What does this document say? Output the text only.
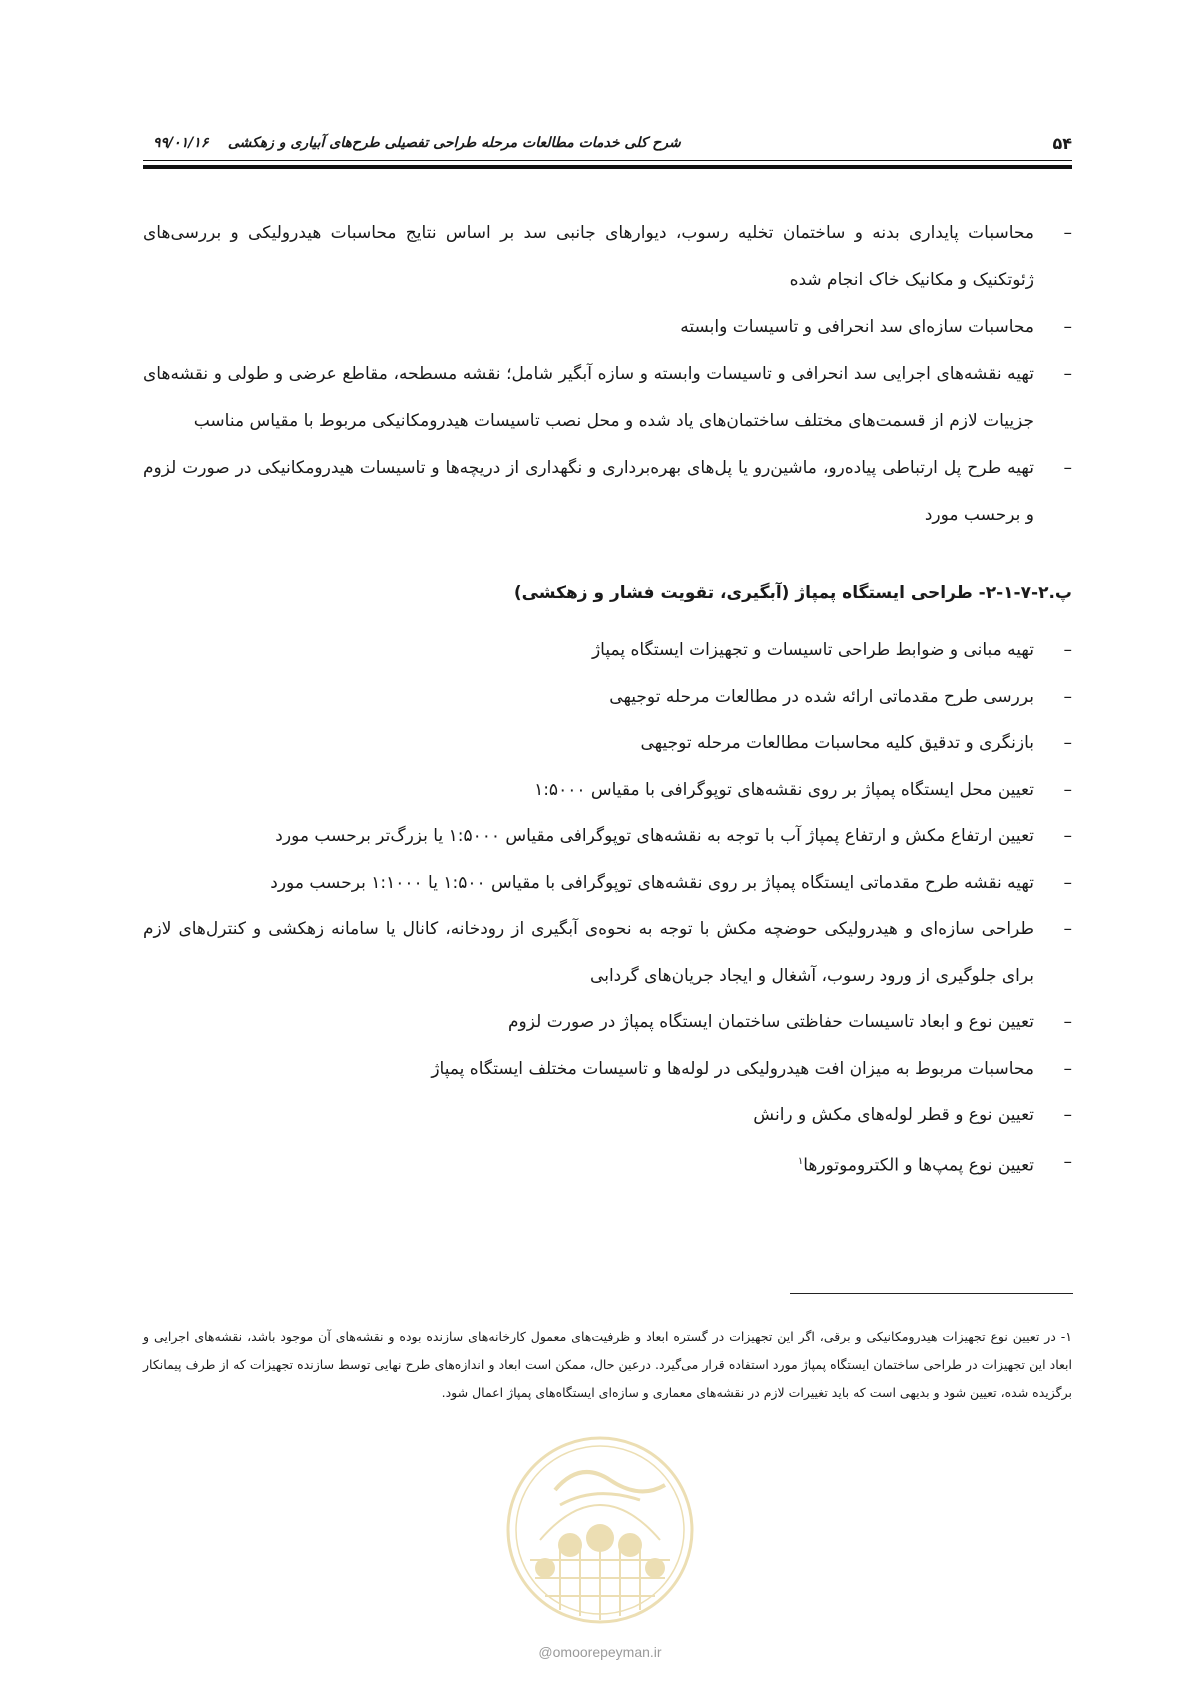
۵۴
شرح کلی خدمات مطالعات مرحله طراحی تفصیلی طرح‌های آبیاری و زهکشی    ۹۹/۰۱/۱۶
–
محاسبات پایداری بدنه و ساختمان تخلیه رسوب، دیوارهای جانبی سد بر اساس نتایج محاسبات هیدرولیکی و بررسی‌های ژئوتکنیک و مکانیک خاک انجام شده
–
محاسبات سازه‌ای سد انحرافی و تاسیسات وابسته
–
تهیه نقشه‌های اجرایی سد انحرافی و تاسیسات وابسته و سازه آبگیر شامل؛ نقشه مسطحه، مقاطع عرضی و طولی و نقشه‌های جزییات لازم از قسمت‌های مختلف ساختمان‌های یاد شده و محل نصب تاسیسات هیدرومکانیکی مربوط با مقیاس مناسب
–
تهیه طرح پل ارتباطی پیاده‌رو، ماشین‌رو یا پل‌های بهره‌برداری و نگهداری از دریچه‌ها و تاسیسات هیدرومکانیکی در صورت لزوم و برحسب مورد
پ.۲-۷-۱-۲- طراحی ایستگاه پمپاژ (آبگیری، تقویت فشار و زهکشی)
–
تهیه مبانی و ضوابط طراحی تاسیسات و تجهیزات ایستگاه پمپاژ
–
بررسی طرح مقدماتی ارائه شده در مطالعات مرحله توجیهی
–
بازنگری و تدقیق کلیه محاسبات مطالعات مرحله توجیهی
–
تعیین محل ایستگاه پمپاژ بر روی نقشه‌های توپوگرافی با مقیاس ۱:۵۰۰۰
–
تعیین ارتفاع مکش و ارتفاع پمپاژ آب با توجه به نقشه‌های توپوگرافی مقیاس ۱:۵۰۰۰ یا بزرگ‌تر برحسب مورد
–
تهیه نقشه طرح مقدماتی ایستگاه پمپاژ بر روی نقشه‌های توپوگرافی با مقیاس ۱:۵۰۰ یا ۱:۱۰۰۰ برحسب مورد
–
طراحی سازه‌ای و هیدرولیکی حوضچه مکش با توجه به نحوه‌ی آبگیری از رودخانه، کانال یا سامانه زهکشی و کنترل‌های لازم برای جلوگیری از ورود رسوب، آشغال و ایجاد جریان‌های گردابی
–
تعیین نوع و ابعاد تاسیسات حفاظتی ساختمان ایستگاه پمپاژ در صورت لزوم
–
محاسبات مربوط به میزان افت هیدرولیکی در لوله‌ها و تاسیسات مختلف ایستگاه پمپاژ
–
تعیین نوع و قطر لوله‌های مکش و رانش
–
تعیین نوع پمپ‌ها و الکتروموتورها$^۱$
۱- در تعیین نوع تجهیزات هیدرومکانیکی و برقی، اگر این تجهیزات در گستره ابعاد و ظرفیت‌های معمول کارخانه‌های سازنده بوده و نقشه‌های آن موجود باشد، نقشه‌های اجرایی و ابعاد این تجهیزات در طراحی ساختمان ایستگاه پمپاژ مورد استفاده قرار می‌گیرد. درعین حال، ممکن است ابعاد و اندازه‌های طرح نهایی توسط سازنده تجهیزات که از طرف پیمانکار برگزیده شده، تعیین شود و بدیهی است که باید تغییرات لازم در نقشه‌های معماری و سازه‌ای ایستگاه‌های پمپاژ اعمال شود.
@omoorepeyman.ir
